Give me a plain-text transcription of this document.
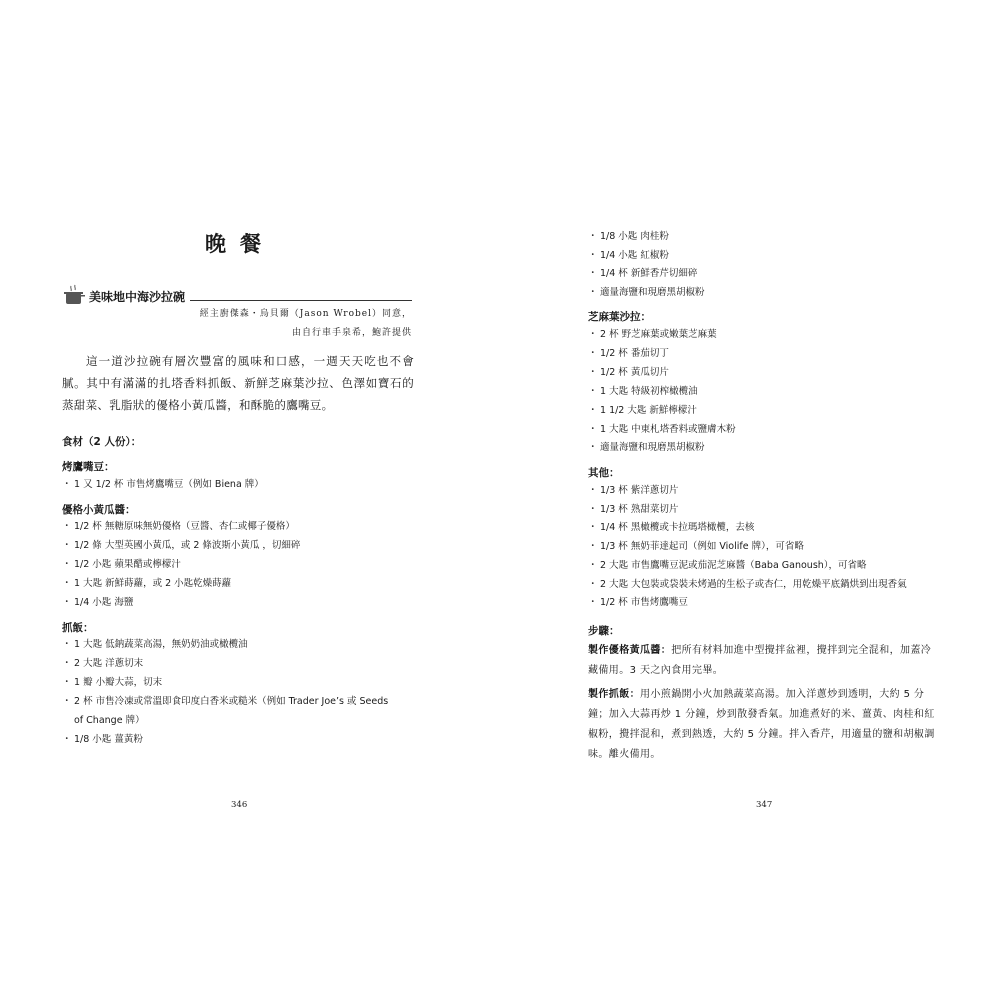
晚餐
美味地中海沙拉碗
經主廚傑森・烏貝爾（Jason Wrobel）同意，
由自行車手泉希，鮑許提供

這一道沙拉碗有層次豐富的風味和口感，一週天天吃也不會膩。其中有滿滿的扎塔香料抓飯、新鮮芝麻葉沙拉、色澤如寶石的蒸甜菜、乳脂狀的優格小黃瓜醬，和酥脆的鷹嘴豆。

食材（2 人份）：
烤鷹嘴豆：
・ 1 又 1/2 杯 市售烤鷹嘴豆（例如 Biena 牌）
優格小黃瓜醬：
・ 1/2 杯 無糖原味無奶優格（豆醬、杏仁或椰子優格）
・ 1/2 條 大型英國小黃瓜，或 2 條波斯小黃瓜 ，切細碎
・ 1/2 小匙 蘋果醋或檸檬汁
・ 1 大匙 新鮮蒔蘿，或 2 小匙乾燥蒔蘿
・ 1/4 小匙 海鹽
抓飯：
・ 1 大匙 低鈉蔬菜高湯，無奶奶油或橄欖油
・ 2 大匙 洋蔥切末
・ 1 瓣 小瓣大蒜，切末
・ 2 杯 市售冷凍或常溫即食印度白香米或糙米（例如 Trader Joe’s 或 Seeds
of Change 牌）
・ 1/8 小匙 薑黃粉
346	347
・ 1/8 小匙 肉桂粉
・ 1/4 小匙 紅椒粉
・ 1/4 杯 新鮮香芹切細碎
・ 適量海鹽和現磨黑胡椒粉
芝麻葉沙拉：
・ 2 杯 野芝麻葉或嫩葉芝麻葉
・ 1/2 杯 番茄切丁
・ 1/2 杯 黃瓜切片
・ 1 大匙 特級初榨橄欖油
・ 1 1/2 大匙 新鮮檸檬汁
・ 1 大匙 中東札塔香料或鹽膚木粉
・ 適量海鹽和現磨黑胡椒粉
其他：
・ 1/3 杯 紫洋蔥切片
・ 1/3 杯 熟甜菜切片
・ 1/4 杯 黑橄欖或卡拉瑪塔橄欖，去核
・ 1/3 杯 無奶菲達起司（例如 Violife 牌），可省略
・ 2 大匙 市售鷹嘴豆泥或茄泥芝麻醬（Baba Ganoush），可省略
・ 2 大匙 大包裝或袋裝未烤過的生松子或杏仁，用乾燥平底鍋烘到出現香氣
・ 1/2 杯 市售烤鷹嘴豆
步驟：
製作優格黃瓜醬：把所有材料加進中型攪拌盆裡，攪拌到完全混和，加蓋冷
藏備用。3 天之內食用完畢。
製作抓飯：用小煎鍋開小火加熱蔬菜高湯。加入洋蔥炒到透明，大約 5 分
鐘；加入大蒜再炒 1 分鐘，炒到散發香氣。加進煮好的米、薑黃、肉桂和紅
椒粉，攪拌混和，煮到熱透，大約 5 分鐘。拌入香芹，用適量的鹽和胡椒調
味。離火備用。
